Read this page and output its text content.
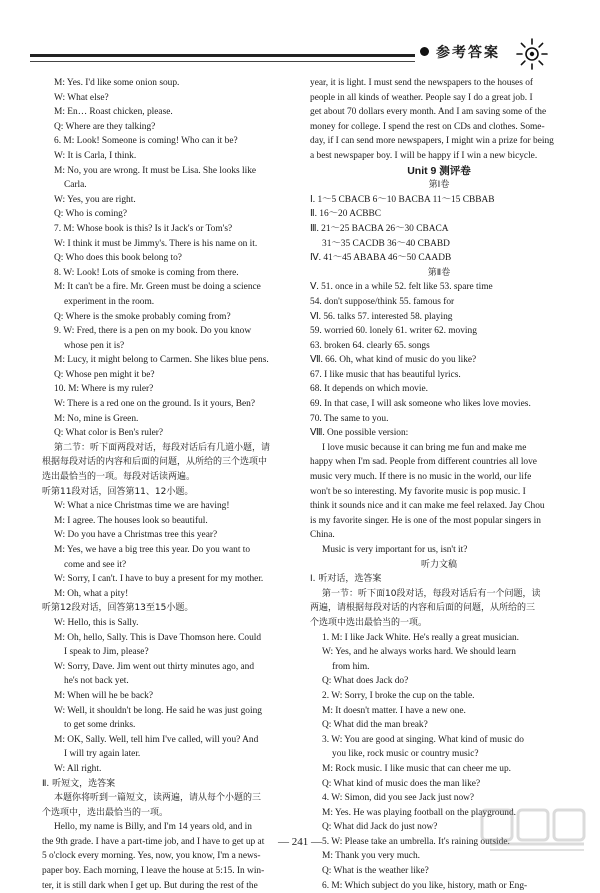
参考答案
M: Yes. I'd like some onion soup.
W: What else?
M: En… Roast chicken, please.
Q: Where are they talking?
6. M: Look! Someone is coming! Who can it be?
W: It is Carla, I think.
M: No, you are wrong. It must be Lisa. She looks like
Carla.
W: Yes, you are right.
Q: Who is coming?
7. M: Whose book is this? Is it Jack's or Tom's?
W: I think it must be Jimmy's. There is his name on it.
Q: Who does this book belong to?
8. W: Look! Lots of smoke is coming from there.
M: It can't be a fire. Mr. Green must be doing a science
experiment in the room.
Q: Where is the smoke probably coming from?
9. W: Fred, there is a pen on my book. Do you know
whose pen it is?
M: Lucy, it might belong to Carmen. She likes blue pens.
Q: Whose pen might it be?
10. M: Where is my ruler?
W: There is a red one on the ground. Is it yours, Ben?
M: No, mine is Green.
Q: What color is Ben's ruler?
第二节：听下面两段对话，每段对话后有几道小题，请
根据每段对话的内容和后面的问题，从所给的三个选项中
选出最恰当的一项。每段对话读两遍。
听第11段对话，回答第11、12小题。
W: What a nice Christmas time we are having!
M: I agree. The houses look so beautiful.
W: Do you have a Christmas tree this year?
M: Yes, we have a big tree this year. Do you want to
come and see it?
W: Sorry, I can't. I have to buy a present for my mother.
M: Oh, what a pity!
听第12段对话，回答第13至15小题。
W: Hello, this is Sally.
M: Oh, hello, Sally. This is Dave Thomson here. Could
I speak to Jim, please?
W: Sorry, Dave. Jim went out thirty minutes ago, and
he's not back yet.
M: When will he be back?
W: Well, it shouldn't be long. He said he was just going
to get some drinks.
M: OK, Sally. Well, tell him I've called, will you? And
I will try again later.
W: All right.
Ⅱ. 听短文，选答案
本题你将听到一篇短文，读两遍，请从每个小题的三
个选项中，选出最恰当的一项。
Hello, my name is Billy, and I'm 14 years old, and in
the 9th grade. I have a part-time job, and I have to get up at
5 o'clock every morning. Yes, now, you know, I'm a news-
paper boy. Each morning, I leave the house at 5:15. In win-
ter, it is still dark when I get up. But during the rest of the
year, it is light. I must send the newspapers to the houses of
people in all kinds of weather. People say I do a great job. I
get about 70 dollars every month. And I am saving some of the
money for college. I spend the rest on CDs and clothes. Some-
day, if I can send more newspapers, I might win a prize for being
a best newspaper boy. I will be happy if I win a new bicycle.
Unit 9 测评卷
第Ⅰ卷
Ⅰ. 1～5 CBACB 6～10 BACBA 11～15 CBBAB
Ⅱ. 16～20 ACBBC
Ⅲ. 21～25 BACBA 26～30 CBACA
31～35 CACDB 36～40 CBABD
Ⅳ. 41～45 ABABA 46～50 CAADB
第Ⅱ卷
Ⅴ. 51. once in a while 52. felt like 53. spare time
54. don't suppose/think 55. famous for
Ⅵ. 56. talks 57. interested 58. playing
59. worried 60. lonely 61. writer 62. moving
63. broken 64. clearly 65. songs
Ⅶ. 66. Oh, what kind of music do you like?
67. I like music that has beautiful lyrics.
68. It depends on which movie.
69. In that case, I will ask someone who likes love movies.
70. The same to you.
Ⅷ. One possible version:
I love music because it can bring me fun and make me
happy when I'm sad. People from different countries all love
music very much. If there is no music in the world, our life
won't be so interesting. My favorite music is pop music. I
think it sounds nice and it can make me feel relaxed. Jay Chou
is my favorite singer. He is one of the most popular singers in
China.
Music is very important for us, isn't it?
听力文稿
Ⅰ. 听对话，选答案
第一节：听下面10段对话，每段对话后有一个问题，读
两遍，请根据每段对话的内容和后面的问题，从所给的三
个选项中选出最恰当的一项。
1. M: I like Jack White. He's really a great musician.
W: Yes, and he always works hard. We should learn
from him.
Q: What does Jack do?
2. W: Sorry, I broke the cup on the table.
M: It doesn't matter. I have a new one.
Q: What did the man break?
3. W: You are good at singing. What kind of music do
you like, rock music or country music?
M: Rock music. I like music that can cheer me up.
Q: What kind of music does the man like?
4. W: Simon, did you see Jack just now?
M: Yes. He was playing football on the playground.
Q: What did Jack do just now?
5. W: Please take an umbrella. It's raining outside.
M: Thank you very much.
Q: What is the weather like?
6. M: Which subject do you like, history, math or Eng-
— 241 —
